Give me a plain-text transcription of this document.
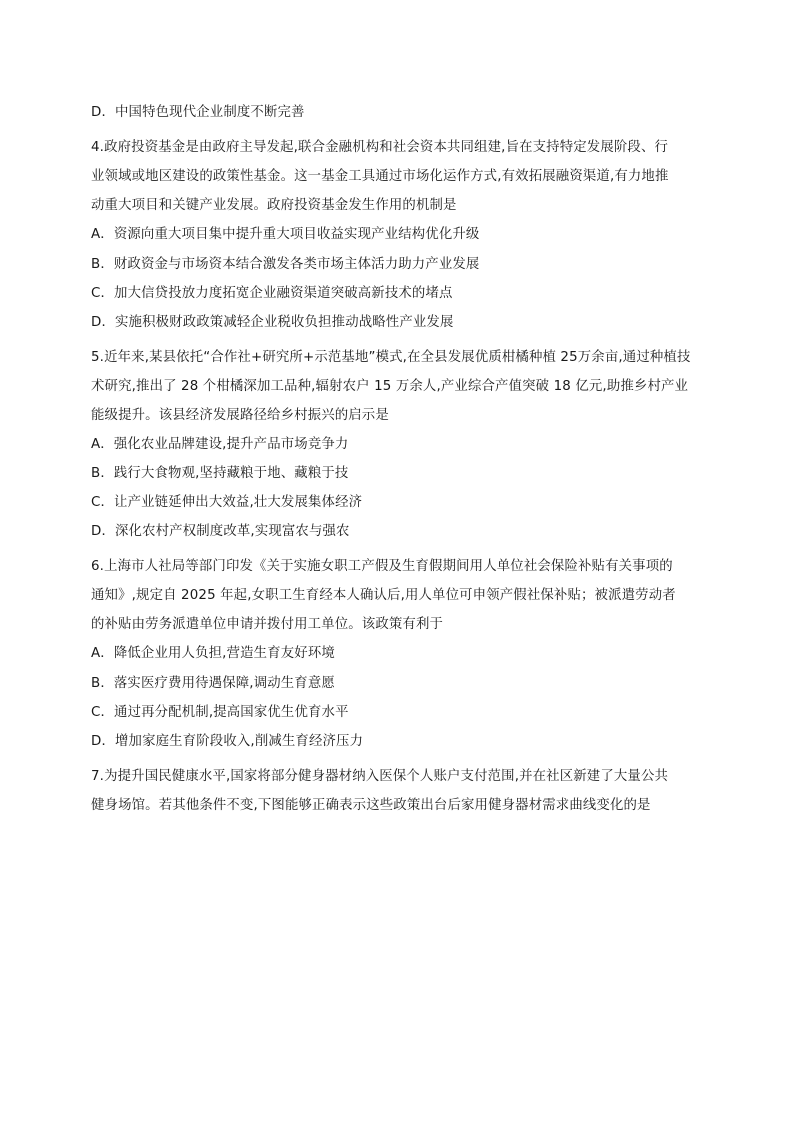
D．中国特色现代企业制度不断完善
4.政府投资基金是由政府主导发起,联合金融机构和社会资本共同组建,旨在支持特定发展阶段、行
业领域或地区建设的政策性基金。这一基金工具通过市场化运作方式,有效拓展融资渠道,有力地推
动重大项目和关键产业发展。政府投资基金发生作用的机制是
A．资源向重大项目集中提升重大项目收益实现产业结构优化升级
B．财政资金与市场资本结合激发各类市场主体活力助力产业发展
C．加大信贷投放力度拓宽企业融资渠道突破高新技术的堵点
D．实施积极财政政策减轻企业税收负担推动战略性产业发展
5.近年来,某县依托“合作社+研究所+示范基地”模式,在全县发展优质柑橘种植 25万余亩,通过种植技
术研究,推出了 28 个柑橘深加工品种,辐射农户 15 万余人,产业综合产值突破 18 亿元,助推乡村产业
能级提升。该县经济发展路径给乡村振兴的启示是
A．强化农业品牌建设,提升产品市场竞争力
B．践行大食物观,坚持藏粮于地、藏粮于技
C．让产业链延伸出大效益,壮大发展集体经济
D．深化农村产权制度改革,实现富农与强农
6.上海市人社局等部门印发《关于实施女职工产假及生育假期间用人单位社会保险补贴有关事项的
通知》,规定自 2025 年起,女职工生育经本人确认后,用人单位可申领产假社保补贴；被派遣劳动者
的补贴由劳务派遣单位申请并拨付用工单位。该政策有利于
A．降低企业用人负担,营造生育友好环境
B．落实医疗费用待遇保障,调动生育意愿
C．通过再分配机制,提高国家优生优育水平
D．增加家庭生育阶段收入,削减生育经济压力
7.为提升国民健康水平,国家将部分健身器材纳入医保个人账户支付范围,并在社区新建了大量公共
健身场馆。若其他条件不变,下图能够正确表示这些政策出台后家用健身器材需求曲线变化的是
